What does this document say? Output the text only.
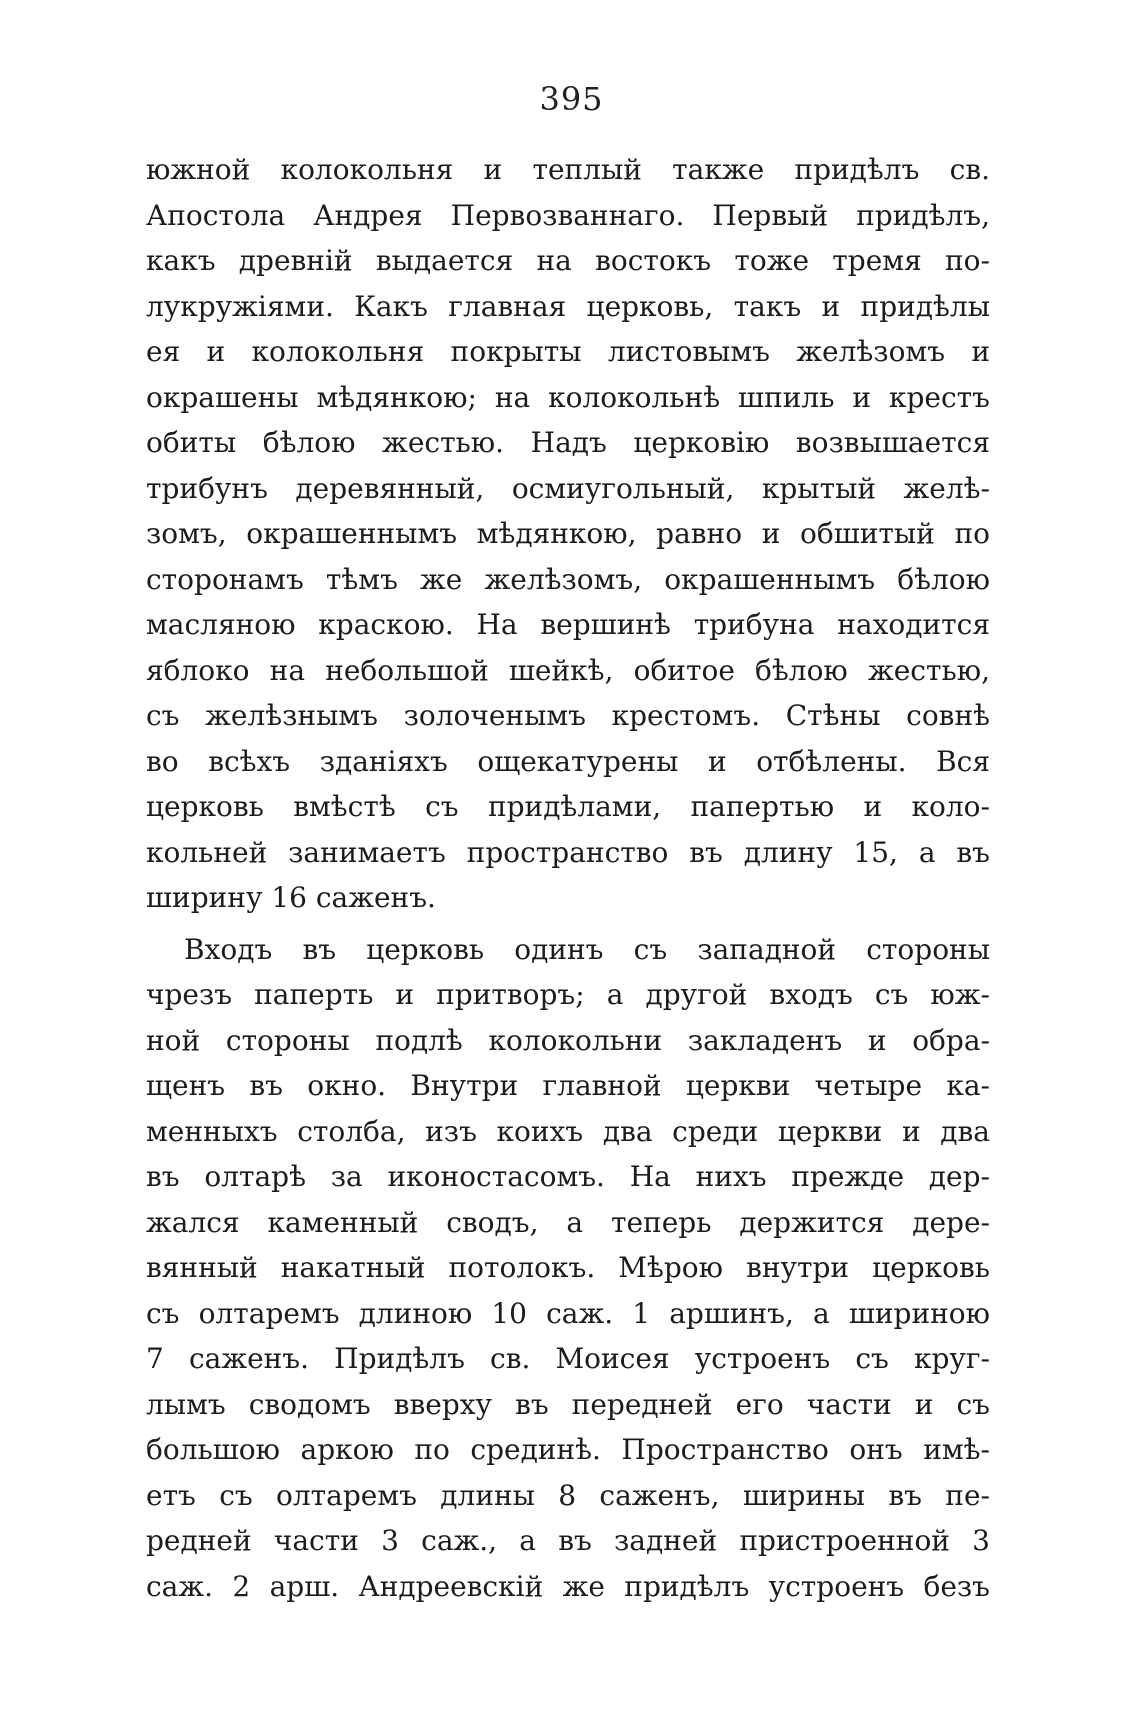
395
южной колокольня и теплый также придѣлъ св.
Апостола Андрея Первозваннаго. Первый придѣлъ,
какъ древній выдается на востокъ тоже тремя по-
лукружіями. Какъ главная церковь, такъ и придѣлы
ея и колокольня покрыты листовымъ желѣзомъ и
окрашены мѣдянкою; на колокольнѣ шпиль и крестъ
обиты бѣлою жестью. Надъ церковію возвышается
трибунъ деревянный, осмиугольный, крытый желѣ-
зомъ, окрашеннымъ мѣдянкою, равно и обшитый по
сторонамъ тѣмъ же желѣзомъ, окрашеннымъ бѣлою
масляною краскою. На вершинѣ трибуна находится
яблоко на небольшой шейкѣ, обитое бѣлою жестью,
съ желѣзнымъ золоченымъ крестомъ. Стѣны совнѣ
во всѣхъ зданіяхъ ощекатурены и отбѣлены. Вся
церковь вмѣстѣ съ придѣлами, папертью и коло-
кольней занимаетъ пространство въ длину 15, а въ
ширину 16 саженъ.
Входъ въ церковь одинъ съ западной стороны
чрезъ паперть и притворъ; а другой входъ съ юж-
ной стороны подлѣ колокольни закладенъ и обра-
щенъ въ окно. Внутри главной церкви четыре ка-
менныхъ столба, изъ коихъ два среди церкви и два
въ олтарѣ за иконостасомъ. На нихъ прежде дер-
жался каменный сводъ, а теперь держится дере-
вянный накатный потолокъ. Мѣрою внутри церковь
съ олтаремъ длиною 10 саж. 1 аршинъ, а шириною
7 саженъ. Придѣлъ св. Моисея устроенъ съ круг-
лымъ сводомъ вверху въ передней его части и съ
большою аркою по срединѣ. Пространство онъ имѣ-
етъ съ олтаремъ длины 8 саженъ, ширины въ пе-
редней части 3 саж., а въ задней пристроенной 3
саж. 2 арш. Андреевскій же придѣлъ устроенъ безъ
